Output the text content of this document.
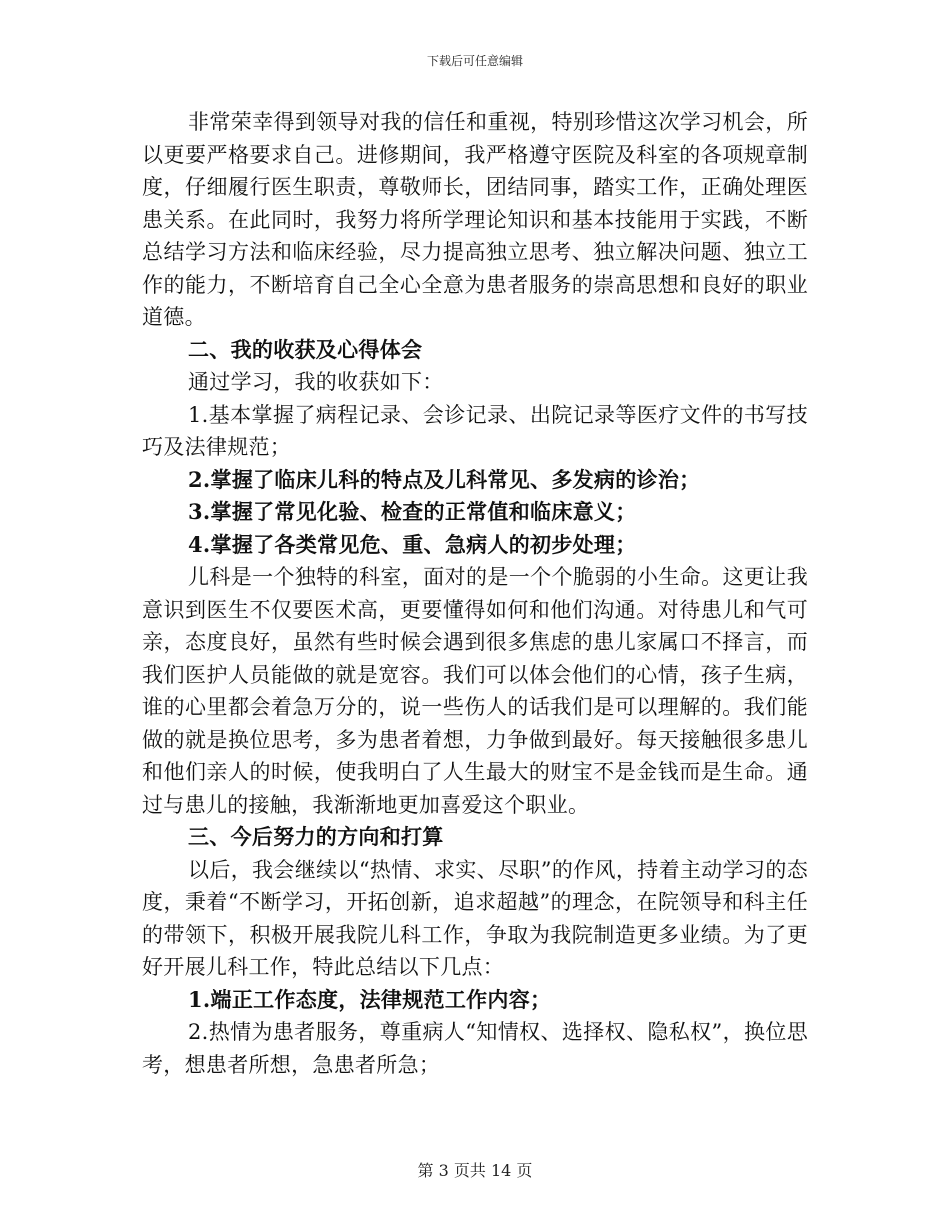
下载后可任意编辑

非常荣幸得到领导对我的信任和重视，特别珍惜这次学习机会，所以更要严格要求自己。进修期间，我严格遵守医院及科室的各项规章制度，仔细履行医生职责，尊敬师长，团结同事，踏实工作，正确处理医患关系。在此同时，我努力将所学理论知识和基本技能用于实践，不断总结学习方法和临床经验，尽力提高独立思考、独立解决问题、独立工作的能力，不断培育自己全心全意为患者服务的崇高思想和良好的职业道德。

二、我的收获及心得体会

通过学习，我的收获如下：

1.基本掌握了病程记录、会诊记录、出院记录等医疗文件的书写技巧及法律规范；

2.掌握了临床儿科的特点及儿科常见、多发病的诊治；

3.掌握了常见化验、检查的正常值和临床意义；

4.掌握了各类常见危、重、急病人的初步处理；

儿科是一个独特的科室，面对的是一个个脆弱的小生命。这更让我意识到医生不仅要医术高，更要懂得如何和他们沟通。对待患儿和气可亲，态度良好，虽然有些时候会遇到很多焦虑的患儿家属口不择言，而我们医护人员能做的就是宽容。我们可以体会他们的心情，孩子生病，谁的心里都会着急万分的，说一些伤人的话我们是可以理解的。我们能做的就是换位思考，多为患者着想，力争做到最好。每天接触很多患儿和他们亲人的时候，使我明白了人生最大的财宝不是金钱而是生命。通过与患儿的接触，我渐渐地更加喜爱这个职业。

三、今后努力的方向和打算

以后，我会继续以“热情、求实、尽职”的作风，持着主动学习的态度，秉着“不断学习，开拓创新，追求超越”的理念，在院领导和科主任的带领下，积极开展我院儿科工作，争取为我院制造更多业绩。为了更好开展儿科工作，特此总结以下几点：

1.端正工作态度，法律规范工作内容；

2.热情为患者服务，尊重病人“知情权、选择权、隐私权”，换位思考，想患者所想，急患者所急；

第 3 页共 14 页
